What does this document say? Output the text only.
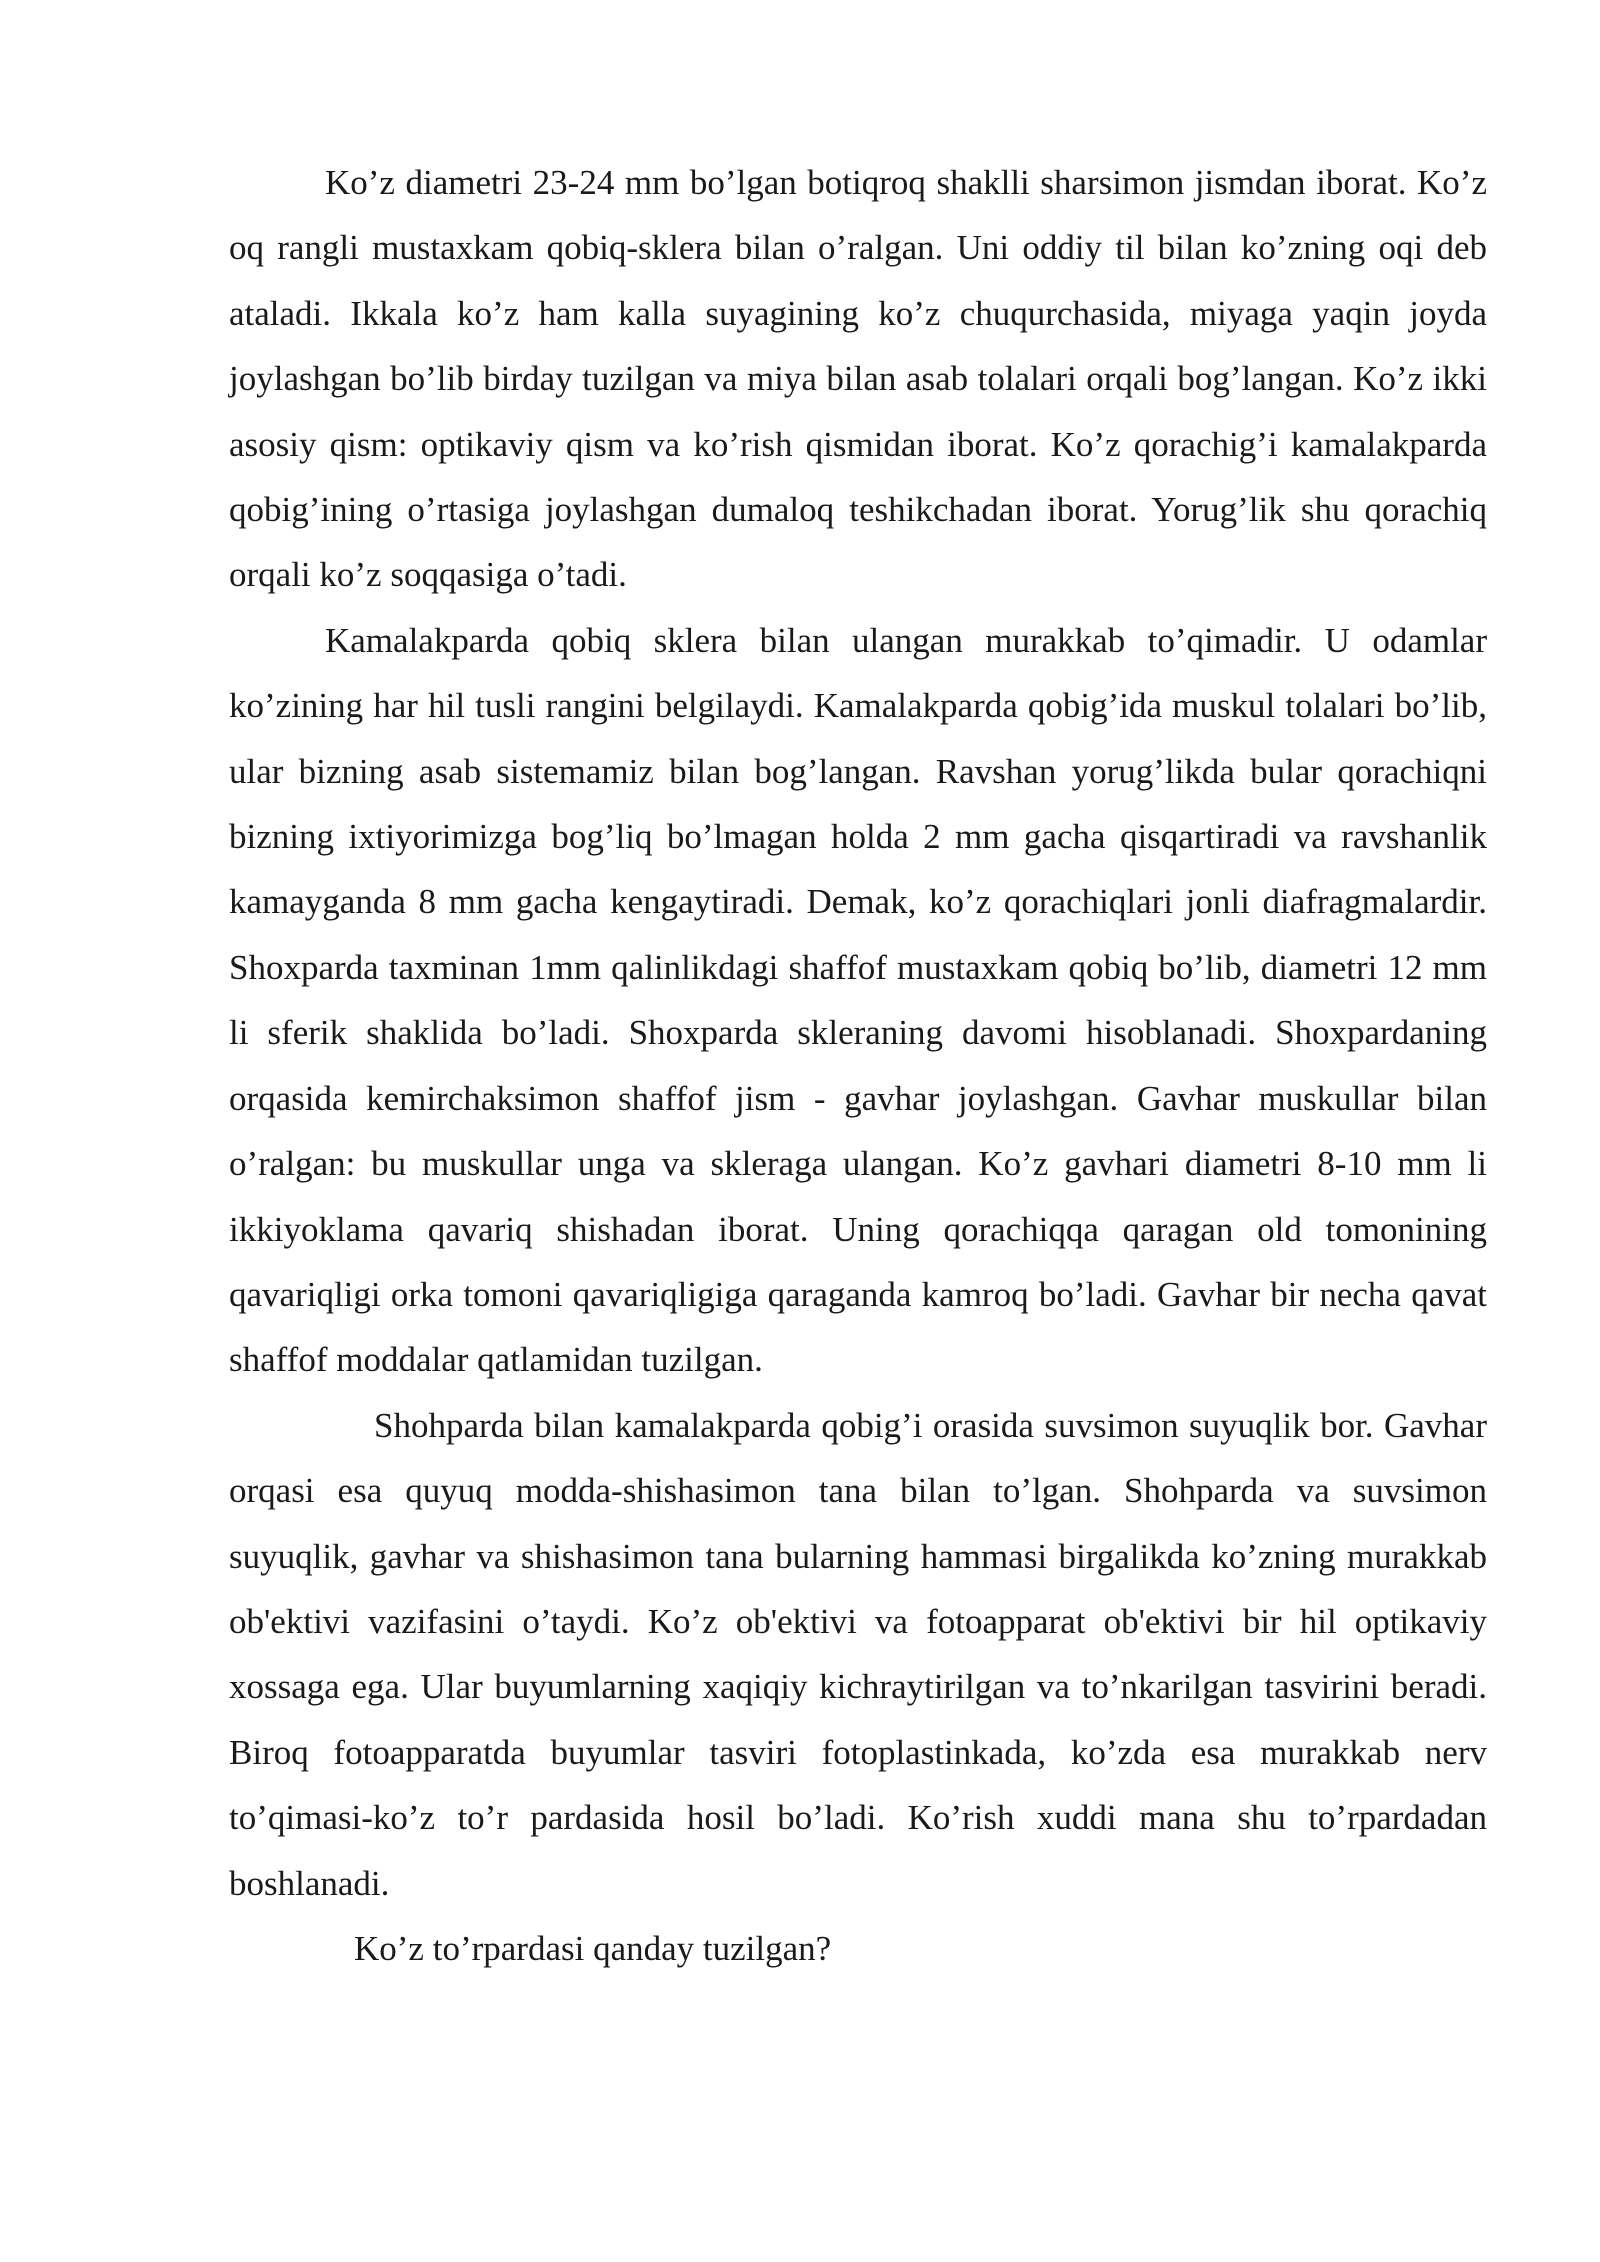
Ko’z diametri 23-24 mm bo’lgan botiqroq shaklli sharsimon jismdan iborat. Ko’z oq rangli mustaxkam qobiq-sklera bilan o’ralgan. Uni oddiy til bilan ko’zning oqi deb ataladi. Ikkala ko’z ham kalla suyagining ko’z chuqurchasida, miyaga yaqin joyda joylashgan bo’lib birday tuzilgan va miya bilan asab tolalari orqali bog’langan. Ko’z ikki asosiy qism: optikaviy qism va ko’rish qismidan iborat. Ko’z qorachig’i kamalakparda qobig’ining o’rtasiga joylashgan dumaloq teshikchadan iborat. Yorug’lik shu qorachiq orqali ko’z soqqasiga o’tadi.

Kamalakparda qobiq sklera bilan ulangan murakkab to’qimadir. U odamlar ko’zining har hil tusli rangini belgilaydi. Kamalakparda qobig’ida muskul tolalari bo’lib, ular bizning asab sistemamiz bilan bog’langan. Ravshan yorug’likda bular qorachiqni bizning ixtiyorimizga bog’liq bo’lmagan holda 2 mm gacha qisqartiradi va ravshanlik kamayganda 8 mm gacha kengaytiradi. Demak, ko’z qorachiqlari jonli diafragmalardir. Shoxparda taxminan 1mm qalinlikdagi shaffof mustaxkam qobiq bo’lib, diametri 12 mm li sferik shaklida bo’ladi. Shoxparda skleraning davomi hisoblanadi. Shoxpardaning orqasida kemirchaksimon shaffof jism - gavhar joylashgan. Gavhar muskullar bilan o’ralgan: bu muskullar unga va skleraga ulangan. Ko’z gavhari diametri 8-10 mm li ikkiyoklama qavariq shishadan iborat. Uning qorachiqqa qaragan old tomonining qavariqligi orka tomoni qavariqligiga qaraganda kamroq bo’ladi. Gavhar bir necha qavat shaffof moddalar qatlamidan tuzilgan.

Shohparda bilan kamalakparda qobig’i orasida suvsimon suyuqlik bor. Gavhar orqasi esa quyuq modda-shishasimon tana bilan to’lgan. Shohparda va suvsimon suyuqlik, gavhar va shishasimon tana bularning hammasi birgalikda ko’zning murakkab ob'ektivi vazifasini o’taydi. Ko’z ob'ektivi va fotoapparat ob'ektivi bir hil optikaviy xossaga ega. Ular buyumlarning xaqiqiy kichraytirilgan va to’nkarilgan tasvirini beradi. Biroq fotoapparatda buyumlar tasviri fotoplastinkada, ko’zda esa murakkab nerv to’qimasi-ko’z to’r pardasida hosil bo’ladi. Ko’rish xuddi mana shu to’rpardadan boshlanadi.

Ko’z to’rpardasi qanday tuzilgan?
